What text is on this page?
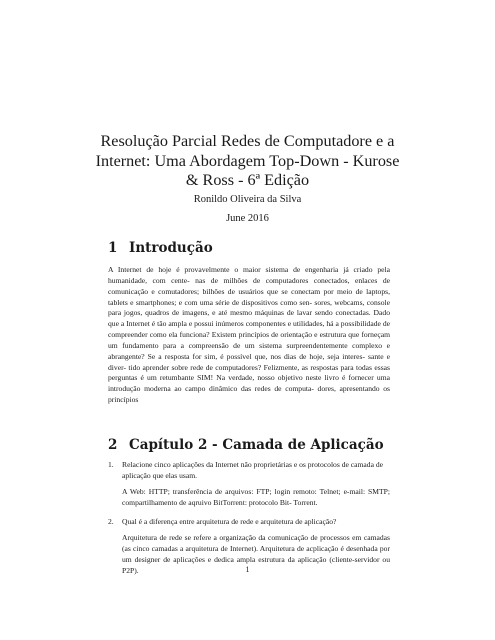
Resolução Parcial Redes de Computadore e a Internet: Uma Abordagem Top-Down - Kurose & Ross - 6ª Edição
Ronildo Oliveira da Silva
June 2016
1 Introdução

A Internet de hoje é provavelmente o maior sistema de engenharia já criado pela humanidade, com cente- nas de milhões de computadores conectados, enlaces de comunicação e comutadores; bilhões de usuários que se conectam por meio de laptops, tablets e smartphones; e com uma série de dispositivos como sen- sores, webcams, console para jogos, quadros de imagens, e até mesmo máquinas de lavar sendo conectadas. Dado que a Internet é tão ampla e possui inúmeros componentes e utilidades, há a possibilidade de compreender como ela funciona? Existem princípios de orientação e estrutura que forneçam um fundamento para a compreensão de um sistema surpreendentemente complexo e abrangente? Se a resposta for sim, é possível que, nos dias de hoje, seja interes- sante e diver- tido aprender sobre rede de computadores? Felizmente, as respostas para todas essas perguntas é um retumbante SIM! Na verdade, nosso objetivo neste livro é fornecer uma introdução moderna ao campo dinâmico das redes de computa- dores, apresentando os princípios

2 Capítulo 2 - Camada de Aplicação
1. Relacione cinco aplicações da Internet não proprietárias e os protocolos de camada de aplicação que elas usam.

A Web: HTTP; transferência de arquivos: FTP; login remoto: Telnet; e-mail: SMTP; compartilhamento de aqruivo BitTorrent: protocolo Bit- Torrent.

2. Qual é a diferença entre arquitetura de rede e arquitetura de aplicação?

Arquitetura de rede se refere a organização da comunicação de processos em camadas (as cinco camadas a arquitetura de Internet). Arquitetura de acplicação é desenhada por um designer de aplicações e dedica ampla estrutura da aplicação (cliente-servidor ou P2P).	1
